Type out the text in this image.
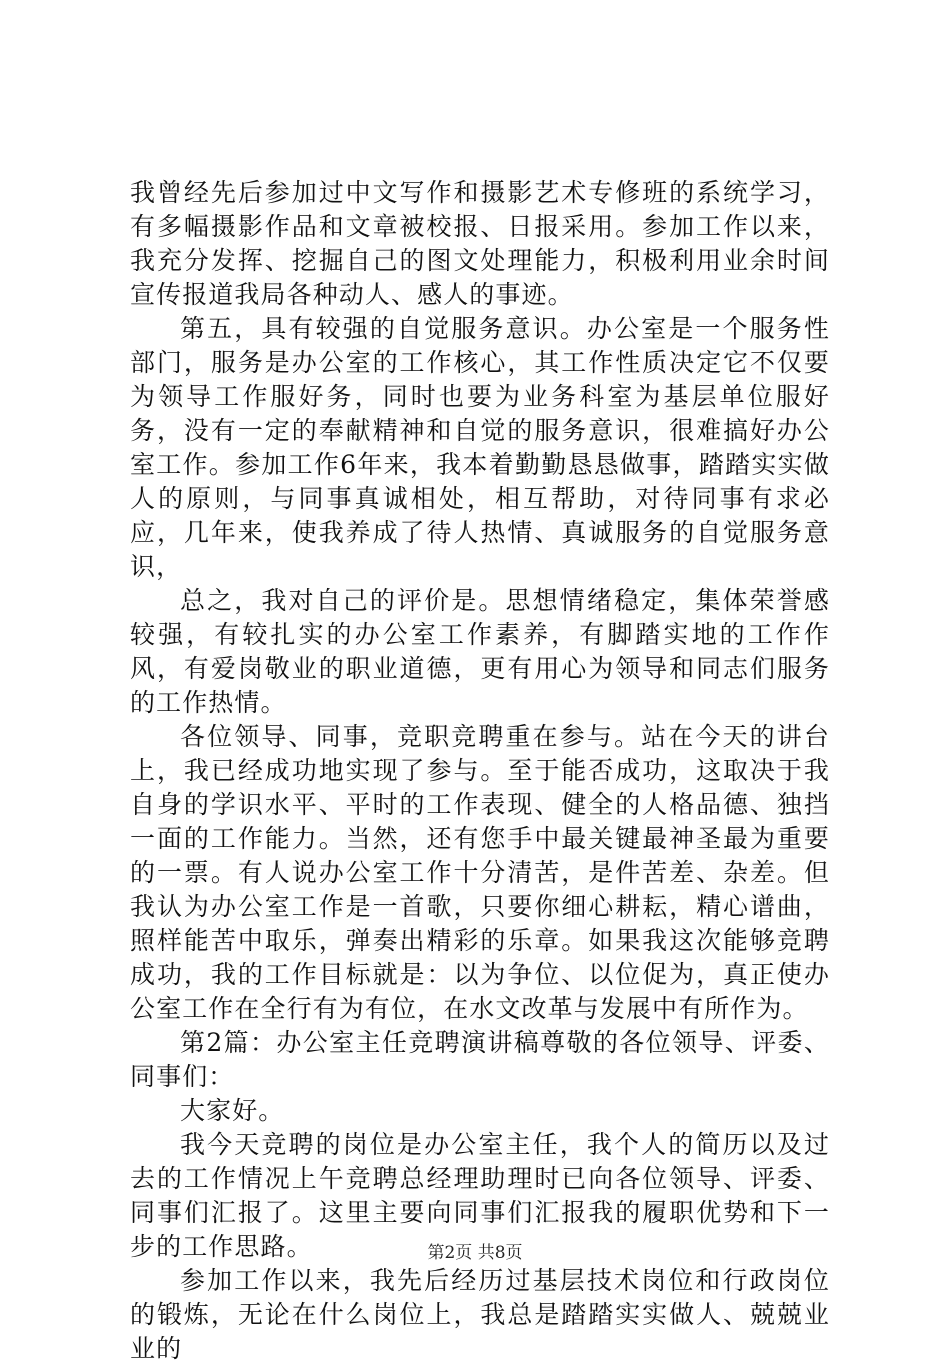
我曾经先后参加过中文写作和摄影艺术专修班的系统学习，有多幅摄影作品和文章被校报、日报采用。参加工作以来，我充分发挥、挖掘自己的图文处理能力，积极利用业余时间宣传报道我局各种动人、感人的事迹。

第五，具有较强的自觉服务意识。办公室是一个服务性部门，服务是办公室的工作核心，其工作性质决定它不仅要为领导工作服好务，同时也要为业务科室为基层单位服好务，没有一定的奉献精神和自觉的服务意识，很难搞好办公室工作。参加工作6年来，我本着勤勤恳恳做事，踏踏实实做人的原则，与同事真诚相处，相互帮助，对待同事有求必应，几年来，使我养成了待人热情、真诚服务的自觉服务意识，

总之，我对自己的评价是。思想情绪稳定，集体荣誉感较强，有较扎实的办公室工作素养，有脚踏实地的工作作风，有爱岗敬业的职业道德，更有用心为领导和同志们服务的工作热情。

各位领导、同事，竞职竞聘重在参与。站在今天的讲台上，我已经成功地实现了参与。至于能否成功，这取决于我自身的学识水平、平时的工作表现、健全的人格品德、独挡一面的工作能力。当然，还有您手中最关键最神圣最为重要的一票。有人说办公室工作十分清苦，是件苦差、杂差。但我认为办公室工作是一首歌，只要你细心耕耘，精心谱曲，照样能苦中取乐，弹奏出精彩的乐章。如果我这次能够竞聘成功，我的工作目标就是：以为争位、以位促为，真正使办公室工作在全行有为有位，在水文改革与发展中有所作为。

第2篇：办公室主任竞聘演讲稿尊敬的各位领导、评委、同事们：

大家好。

我今天竞聘的岗位是办公室主任，我个人的简历以及过去的工作情况上午竞聘总经理助理时已向各位领导、评委、同事们汇报了。这里主要向同事们汇报我的履职优势和下一步的工作思路。

参加工作以来，我先后经历过基层技术岗位和行政岗位的锻炼，无论在什么岗位上，我总是踏踏实实做人、兢兢业业的

第2页 共8页
